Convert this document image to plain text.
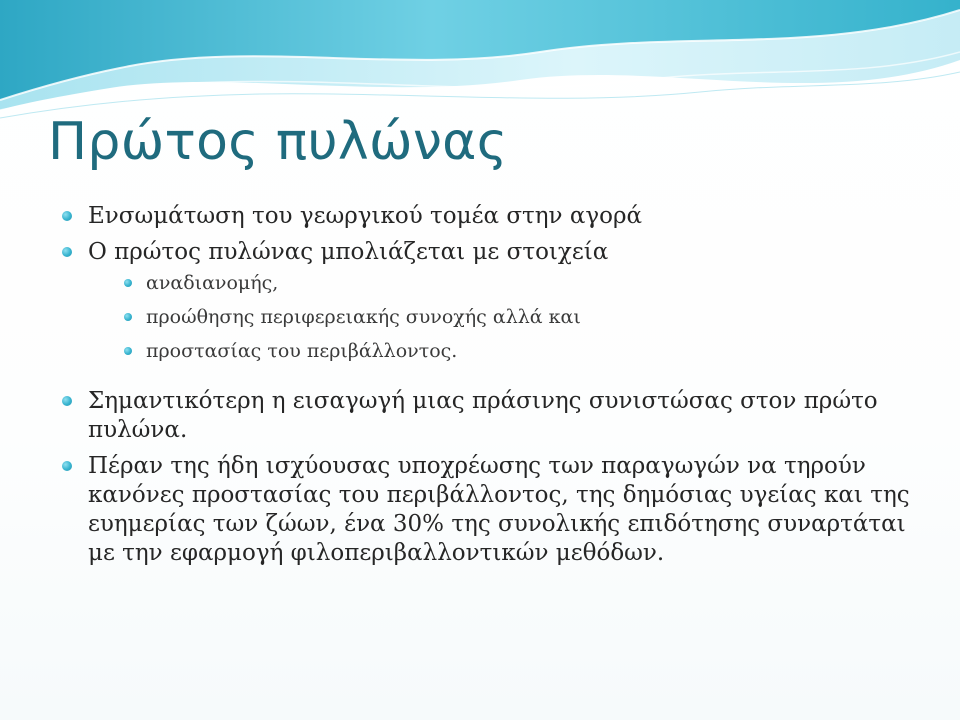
Πρώτος πυλώνας
Ενσωμάτωση του γεωργικού τομέα στην αγορά
Ο πρώτος πυλώνας μπολιάζεται με στοιχεία
αναδιανομής,
προώθησης περιφερειακής συνοχής αλλά και
προστασίας του περιβάλλοντος.
Σημαντικότερη η εισαγωγή μιας πράσινης συνιστώσας στον πρώτο πυλώνα.
Πέραν της ήδη ισχύουσας υποχρέωσης των παραγωγών να τηρούν κανόνες προστασίας του περιβάλλοντος, της δημόσιας υγείας και της ευημερίας των ζώων, ένα 30% της συνολικής επιδότησης συναρτάται με την εφαρμογή φιλοπεριβαλλοντικών μεθόδων.
